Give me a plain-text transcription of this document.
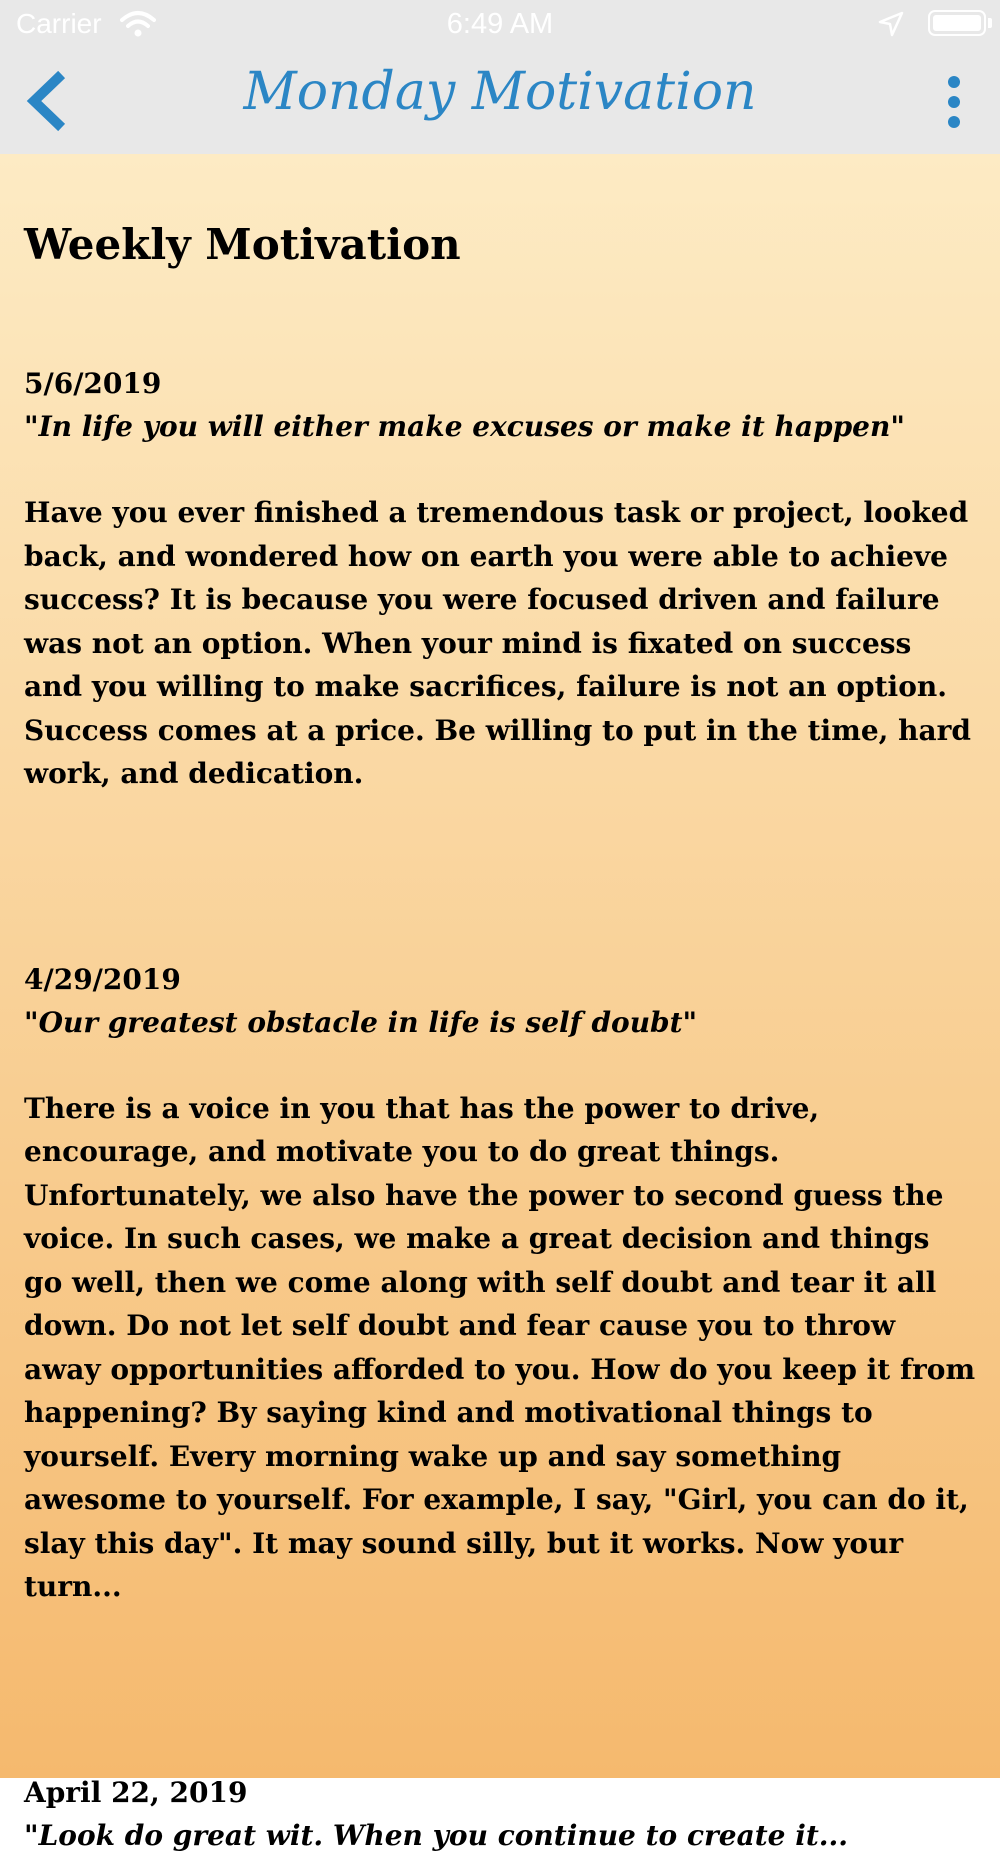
Carrier	6:49 AM
Monday Motivation
Weekly Motivation

5/6/2019

"In life you will either make excuses or make it happen"

Have you ever finished a tremendous task or project, looked back, and wondered how on earth you were able to achieve success? It is because you were focused driven and failure was not an option. When your mind is fixated on success and you willing to make sacrifices, failure is not an option. Success comes at a price. Be willing to put in the time, hard work, and dedication.

4/29/2019

"Our greatest obstacle in life is self doubt"

There is a voice in you that has the power to drive, encourage, and motivate you to do great things. Unfortunately, we also have the power to second guess the voice. In such cases, we make a great decision and things go well, then we come along with self doubt and tear it all down. Do not let self doubt and fear cause you to throw away opportunities afforded to you. How do you keep it from happening? By saying kind and motivational things to yourself. Every morning wake up and say something awesome to yourself. For example, I say, "Girl, you can do it, slay this day". It may sound silly, but it works. Now your turn...

April 22, 2019

"Look do great wit. When you continue to create it...
